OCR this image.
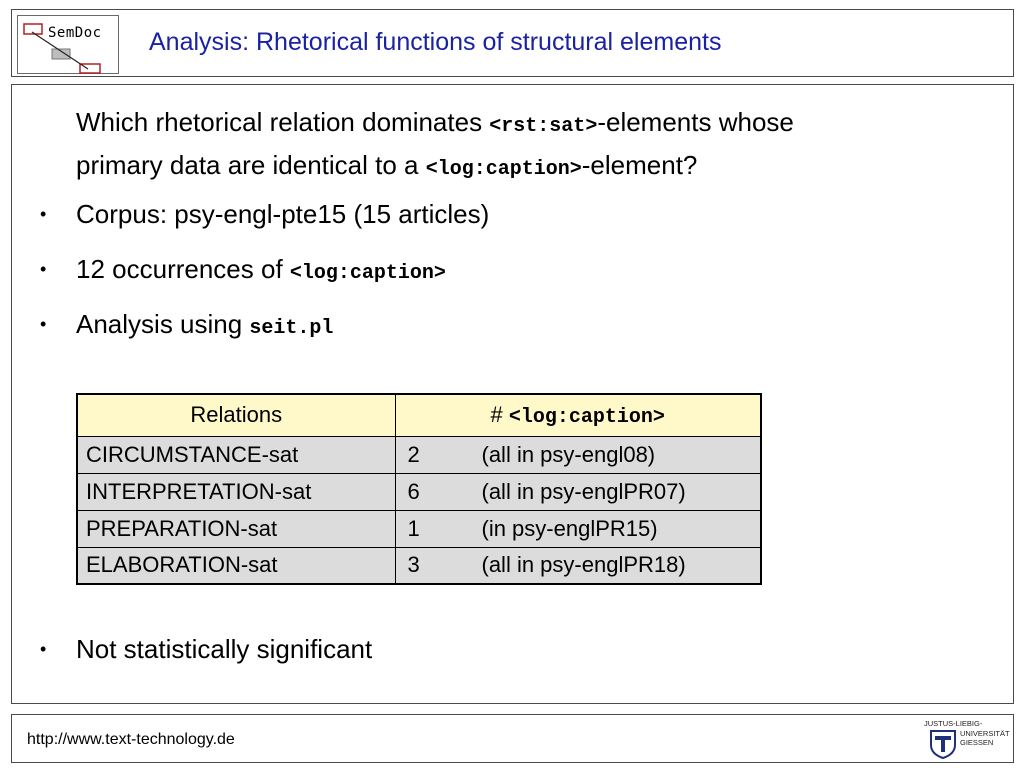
SemDoc Analysis: Rhetorical functions of structural elements
Which rhetorical relation dominates <rst:sat>-elements whose
primary data are identical to a <log:caption>-element?
•	Corpus: psy-engl-pte15 (15 articles)
•	12 occurrences of <log:caption>
•	Analysis using seit.pl
Relations	# <log:caption>
CIRCUMSTANCE-sat	2 (all in psy-engl08)
INTERPRETATION-sat	6 (all in psy-englPR07)
PREPARATION-sat	1 (in psy-englPR15)
ELABORATION-sat	3 (all in psy-englPR18)
•	Not statistically significant
http://www.text-technology.de
JUSTUS-LIEBIG-
UNIVERSITÄT
GIESSEN
